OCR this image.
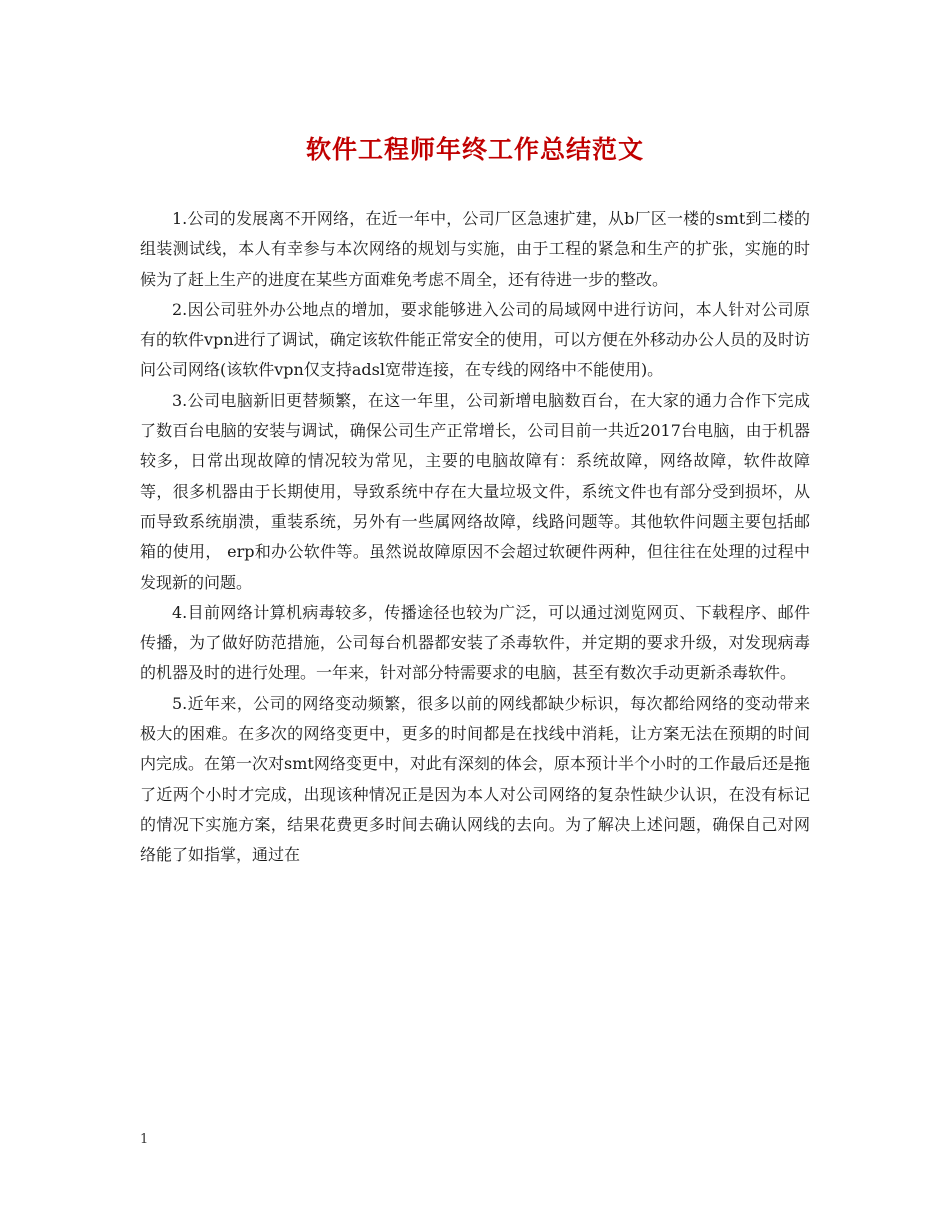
软件工程师年终工作总结范文

1.公司的发展离不开网络，在近一年中，公司厂区急速扩建，从b厂区一楼的smt到二楼的组装测试线，本人有幸参与本次网络的规划与实施，由于工程的紧急和生产的扩张，实施的时候为了赶上生产的进度在某些方面难免考虑不周全，还有待进一步的整改。

2.因公司驻外办公地点的增加，要求能够进入公司的局域网中进行访问，本人针对公司原有的软件vpn进行了调试，确定该软件能正常安全的使用，可以方便在外移动办公人员的及时访问公司网络(该软件vpn仅支持adsl宽带连接，在专线的网络中不能使用)。

3.公司电脑新旧更替频繁，在这一年里，公司新增电脑数百台，在大家的通力合作下完成了数百台电脑的安装与调试，确保公司生产正常增长，公司目前一共近2017台电脑，由于机器较多，日常出现故障的情况较为常见，主要的电脑故障有：系统故障，网络故障，软件故障等，很多机器由于长期使用，导致系统中存在大量垃圾文件，系统文件也有部分受到损坏，从而导致系统崩溃，重装系统，另外有一些属网络故障，线路问题等。其他软件问题主要包括邮箱的使用， erp和办公软件等。虽然说故障原因不会超过软硬件两种，但往往在处理的过程中发现新的问题。

4.目前网络计算机病毒较多，传播途径也较为广泛，可以通过浏览网页、下载程序、邮件传播，为了做好防范措施，公司每台机器都安装了杀毒软件，并定期的要求升级，对发现病毒的机器及时的进行处理。一年来，针对部分特需要求的电脑，甚至有数次手动更新杀毒软件。

5.近年来，公司的网络变动频繁，很多以前的网线都缺少标识，每次都给网络的变动带来极大的困难。在多次的网络变更中，更多的时间都是在找线中消耗，让方案无法在预期的时间内完成。在第一次对smt网络变更中，对此有深刻的体会，原本预计半个小时的工作最后还是拖了近两个小时才完成，出现该种情况正是因为本人对公司网络的复杂性缺少认识，在没有标记的情况下实施方案，结果花费更多时间去确认网线的去向。为了解决上述问题，确保自己对网络能了如指掌，通过在

1
